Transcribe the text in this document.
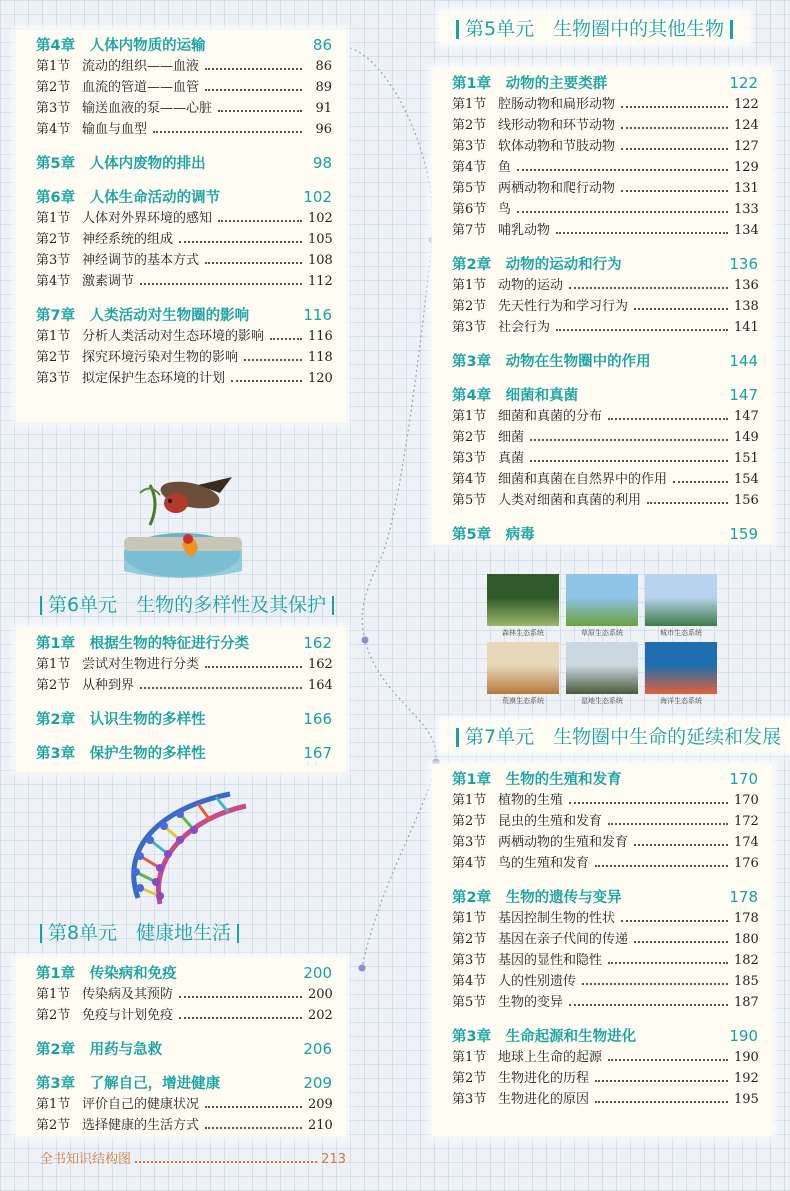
第4章　人体内物质的运输	86
第1节 流动的组织——血液	86
第2节 血流的管道——血管	89
第3节 输送血液的泵——心脏	91
第4节 输血与血型	96
第5章　人体内废物的排出	98
第6章　人体生命活动的调节	102
第1节 人体对外界环境的感知	102
第2节 神经系统的组成	105
第3节 神经调节的基本方式	108
第4节 激素调节	112
第7章　人类活动对生物圈的影响	116
第1节 分析人类活动对生态环境的影响	116
第2节 探究环境污染对生物的影响	118
第3节 拟定保护生态环境的计划	120
第5单元　生物圈中的其他生物
第1章　动物的主要类群	122
第1节 腔肠动物和扁形动物	122
第2节 线形动物和环节动物	124
第3节 软体动物和节肢动物	127
第4节 鱼	129
第5节 两栖动物和爬行动物	131
第6节 鸟	133
第7节 哺乳动物	134
第2章　动物的运动和行为	136
第1节 动物的运动	136
第2节 先天性行为和学习行为	138
第3节 社会行为	141
第3章　动物在生物圈中的作用	144
第4章　细菌和真菌	147
第1节 细菌和真菌的分布	147
第2节 细菌	149
第3节 真菌	151
第4节 细菌和真菌在自然界中的作用	154
第5节 人类对细菌和真菌的利用	156
第5章　病毒	159
第6单元　生物的多样性及其保护
第1章　根据生物的特征进行分类	162
第1节 尝试对生物进行分类	162
第2节 从种到界	164
第2章　认识生物的多样性	166
第3章　保护生物的多样性	167
森林生态系统	草原生态系统	城市生态系统
荒漠生态系统	湿地生态系统	海洋生态系统
第7单元　生物圈中生命的延续和发展
第1章　生物的生殖和发育	170
第1节 植物的生殖	170
第2节 昆虫的生殖和发育	172
第3节 两栖动物的生殖和发育	174
第4节 鸟的生殖和发育	176
第2章　生物的遗传与变异	178
第1节 基因控制生物的性状	178
第2节 基因在亲子代间的传递	180
第3节 基因的显性和隐性	182
第4节 人的性别遗传	185
第5节 生物的变异	187
第3章　生命起源和生物进化	190
第1节 地球上生命的起源	190
第2节 生物进化的历程	192
第3节 生物进化的原因	195
第8单元　健康地生活
第1章　传染病和免疫	200
第1节 传染病及其预防	200
第2节 免疫与计划免疫	202
第2章　用药与急救	206
第3章　了解自己，增进健康	209
第1节 评价自己的健康状况	209
第2节 选择健康的生活方式	210
全书知识结构图	213
